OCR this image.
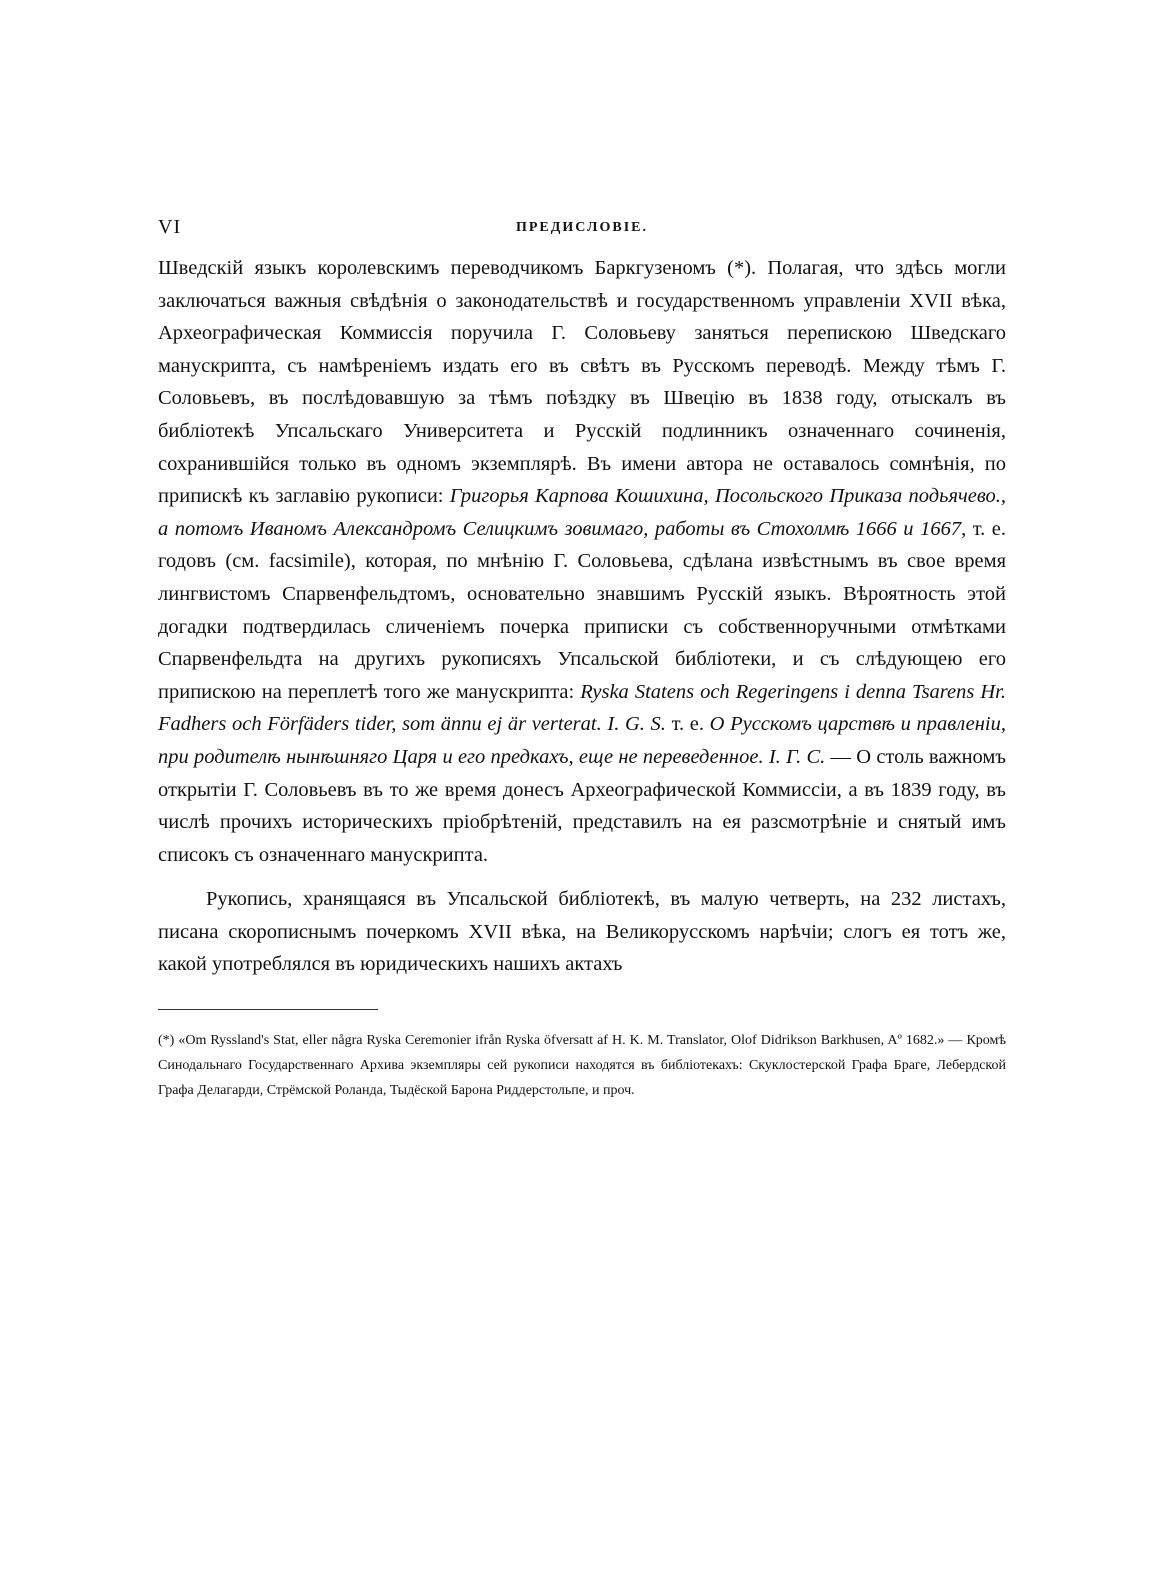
VI	ПРЕДИСЛОВІЕ.

Шведскій языкъ королевскимъ переводчикомъ Баркгузеномъ (*). Полагая, что здѣсь могли заключаться важныя свѣдѣнія о законодательствѣ и государственномъ управленіи XVII вѣка, Археографическая Коммиссія поручила Г. Соловьеву заняться перепискою Шведскаго манускрипта, съ намѣреніемъ издать его въ свѣтъ въ Русскомъ переводѣ. Между тѣмъ Г. Соловьевъ, въ послѣдовавшую за тѣмъ поѣздку въ Швецію въ 1838 году, отыскалъ въ библіотекѣ Упсальскаго Университета и Русскій подлинникъ означеннаго сочиненія, сохранившійся только въ одномъ экземплярѣ. Въ имени автора не оставалось сомнѣнія, по припискѣ къ заглавію рукописи: Григорья Карпова Кошихина, Посольского Приказа подьячево., а потомъ Иваномъ Александромъ Селицкимъ зовимаго, работы въ Стохолмѣ 1666 и 1667, т. е. годовъ (см. facsimile), которая, по мнѣнію Г. Соловьева, сдѣлана извѣстнымъ въ свое время лингвистомъ Спарвенфельдтомъ, основательно знавшимъ Русскій языкъ. Вѣроятность этой догадки подтвердилась сличеніемъ почерка приписки съ собственноручными отмѣтками Спарвенфельдта на другихъ рукописяхъ Упсальской библіотеки, и съ слѣдующею его припискою на переплетѣ того же манускрипта: Ryska Statens och Regeringens i denna Tsarens Hr. Fadhers och Förfäders tider, som ännu ej är verterat. I. G. S. т. е. О Русскомъ царствѣ и правленіи, при родителѣ нынѣшняго Царя и его предкахъ, еще не переведенное. І. Г. С. — О столь важномъ открытіи Г. Соловьевъ въ то же время донесъ Археографической Коммиссіи, а въ 1839 году, въ числѣ прочихъ историческихъ пріобрѣтеній, представилъ на ея разсмотрѣніе и снятый имъ списокъ съ означеннаго манускрипта.

Рукопись, хранящаяся въ Упсальской библіотекѣ, въ малую четверть, на 232 листахъ, писана скорописнымъ почеркомъ XVII вѣка, на Великорусскомъ нарѣчіи; слогъ ея тотъ же, какой употреблялся въ юридическихъ нашихъ актахъ

(*) «Om Ryssland's Stat, eller några Ryska Ceremonier ifrån Ryska öfversatt af H. K. M. Translator, Olof Didrikson Barkhusen, Aº 1682.» — Кромѣ Синодальнаго Государственнаго Архива экземпляры сей рукописи находятся въ библіотекахъ: Скуклостерской Графа Браге, Лебердской Графа Делагарди, Стрёмской Роланда, Тыдёской Барона Риддерстольпе, и проч.
